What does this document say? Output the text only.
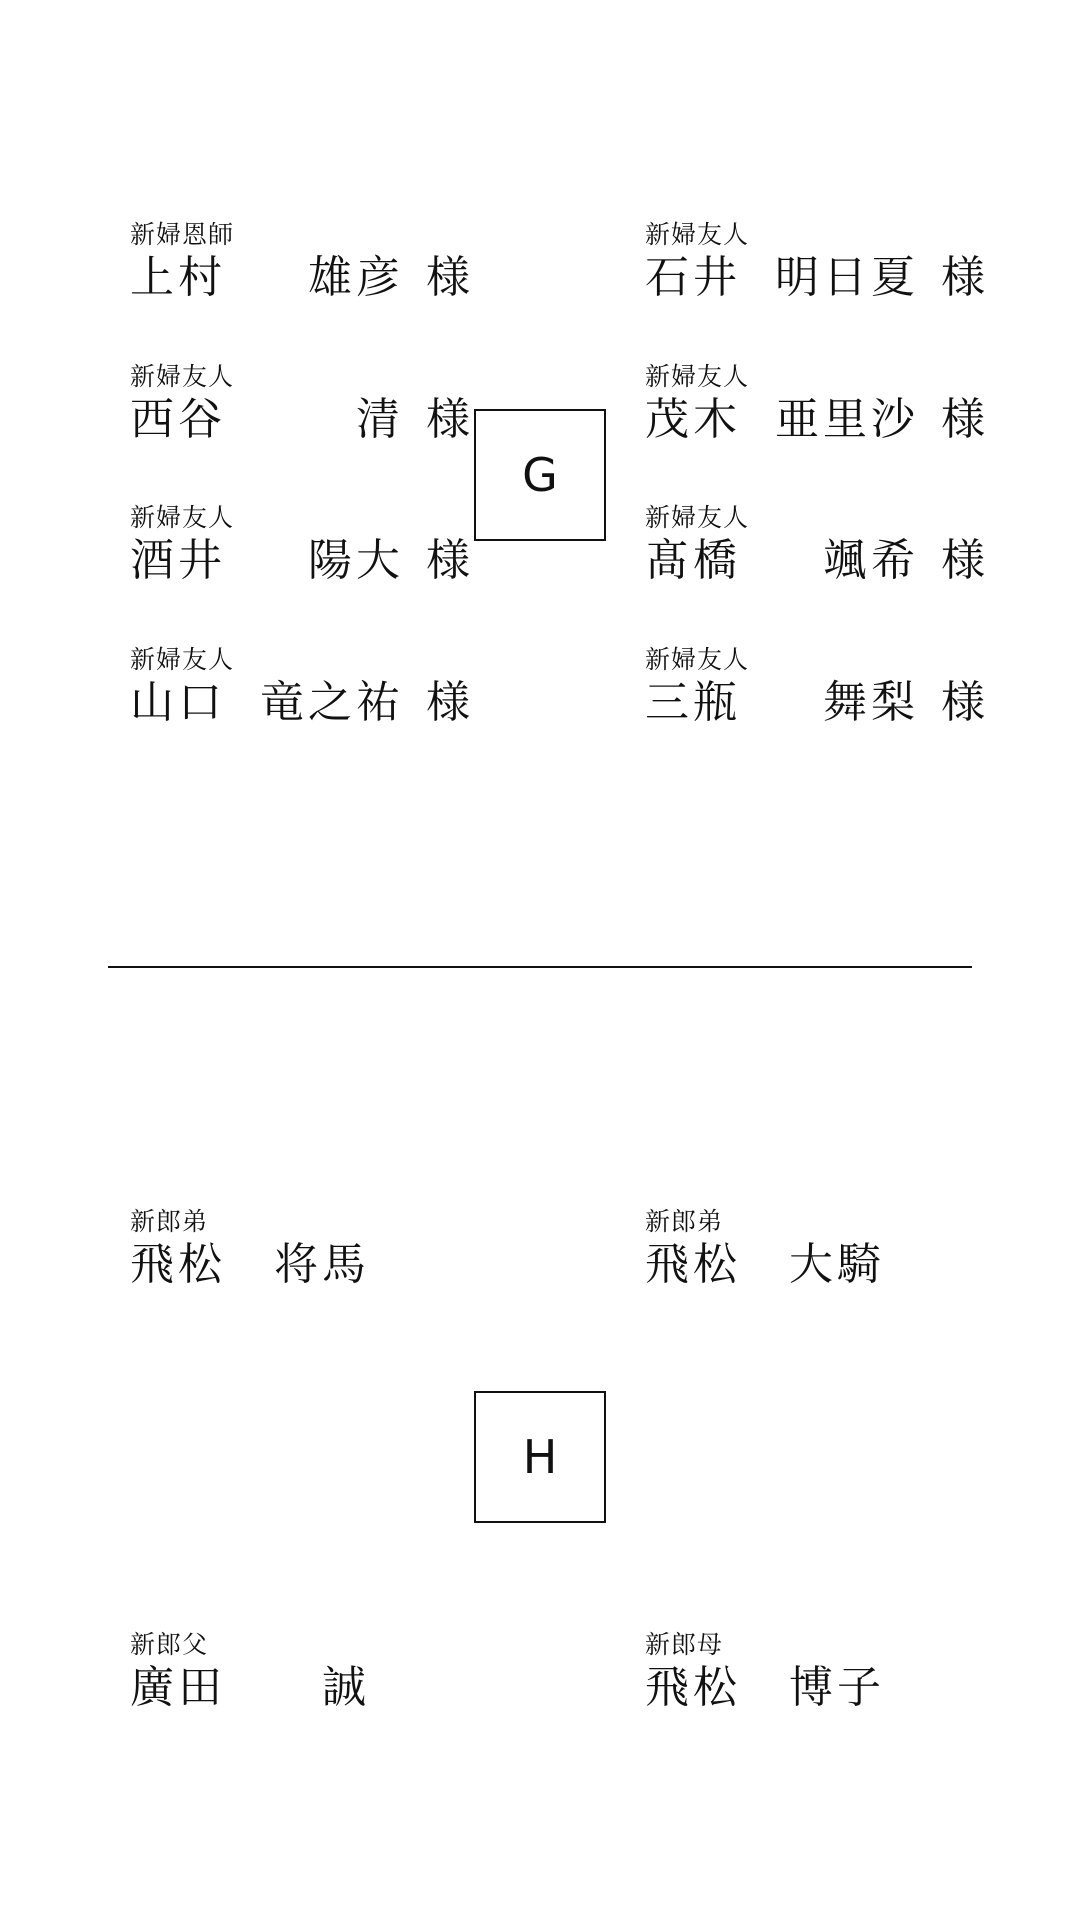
新婦恩師
上村 雄彦 様
新婦友人
西谷	清 様
新婦友人
酒井 陽大 様
新婦友人
山口 竜之祐 様
G
新婦友人
石井 明日夏 様
新婦友人
茂木 亜里沙 様
新婦友人
髙橋 颯希 様
新婦友人
三瓶 舞梨 様
新郎弟
飛松 将馬
新郎弟
飛松 大騎
H
新郎父
廣田 誠
新郎母
飛松 博子
